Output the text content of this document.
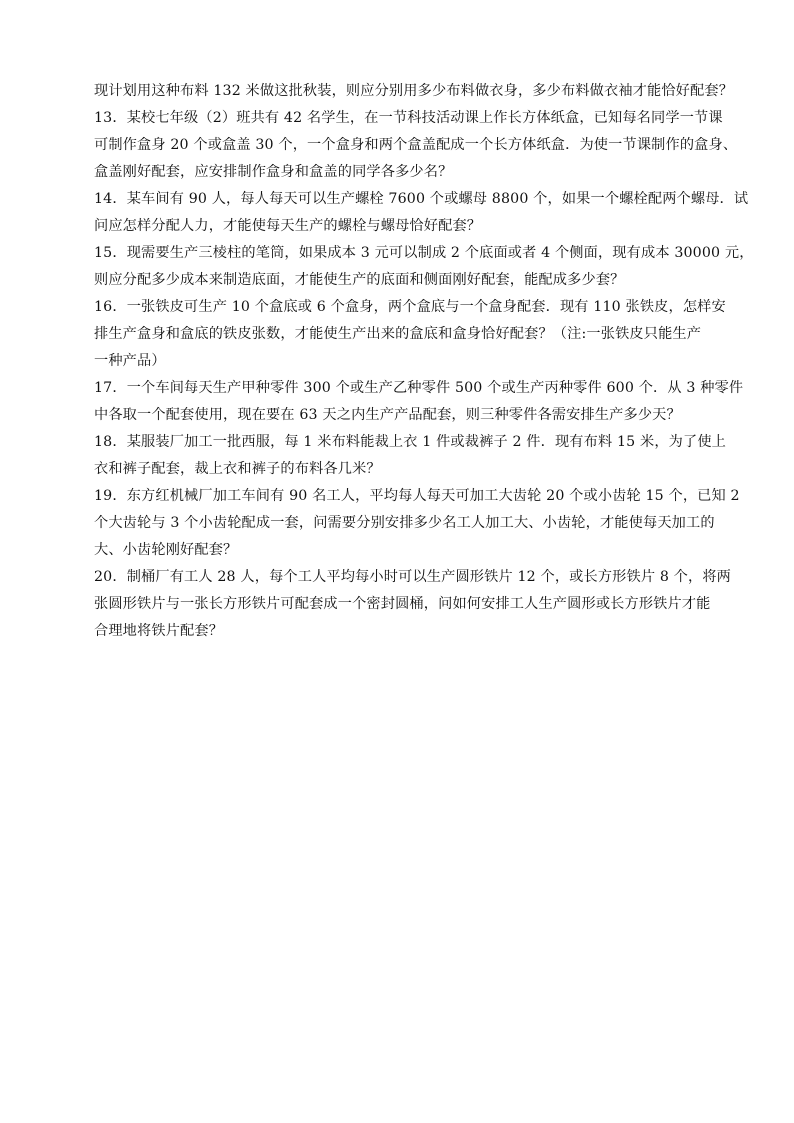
现计划用这种布料 132 米做这批秋装，则应分别用多少布料做衣身，多少布料做衣袖才能恰好配套？
13．某校七年级（2）班共有 42 名学生，在一节科技活动课上作长方体纸盒，已知每名同学一节课
可制作盒身 20 个或盒盖 30 个，一个盒身和两个盒盖配成一个长方体纸盒．为使一节课制作的盒身、
盒盖刚好配套，应安排制作盒身和盒盖的同学各多少名？
14．某车间有 90 人，每人每天可以生产螺栓 7600 个或螺母 8800 个，如果一个螺栓配两个螺母．试
问应怎样分配人力，才能使每天生产的螺栓与螺母恰好配套？
15．现需要生产三棱柱的笔筒，如果成本 3 元可以制成 2 个底面或者 4 个侧面，现有成本 30000 元，
则应分配多少成本来制造底面，才能使生产的底面和侧面刚好配套，能配成多少套？
16．一张铁皮可生产 10 个盒底或 6 个盒身，两个盒底与一个盒身配套．现有 110 张铁皮，怎样安
排生产盒身和盒底的铁皮张数，才能使生产出来的盒底和盒身恰好配套？（注:一张铁皮只能生产
一种产品）
17．一个车间每天生产甲种零件 300 个或生产乙种零件 500 个或生产丙种零件 600 个．从 3 种零件
中各取一个配套使用，现在要在 63 天之内生产产品配套，则三种零件各需安排生产多少天？
18．某服装厂加工一批西服，每 1 米布料能裁上衣 1 件或裁裤子 2 件．现有布料 15 米，为了使上
衣和裤子配套，裁上衣和裤子的布料各几米？
19．东方红机械厂加工车间有 90 名工人，平均每人每天可加工大齿轮 20 个或小齿轮 15 个，已知 2
个大齿轮与 3 个小齿轮配成一套，问需要分别安排多少名工人加工大、小齿轮，才能使每天加工的
大、小齿轮刚好配套？
20．制桶厂有工人 28 人，每个工人平均每小时可以生产圆形铁片 12 个，或长方形铁片 8 个，将两
张圆形铁片与一张长方形铁片可配套成一个密封圆桶，问如何安排工人生产圆形或长方形铁片才能
合理地将铁片配套？
